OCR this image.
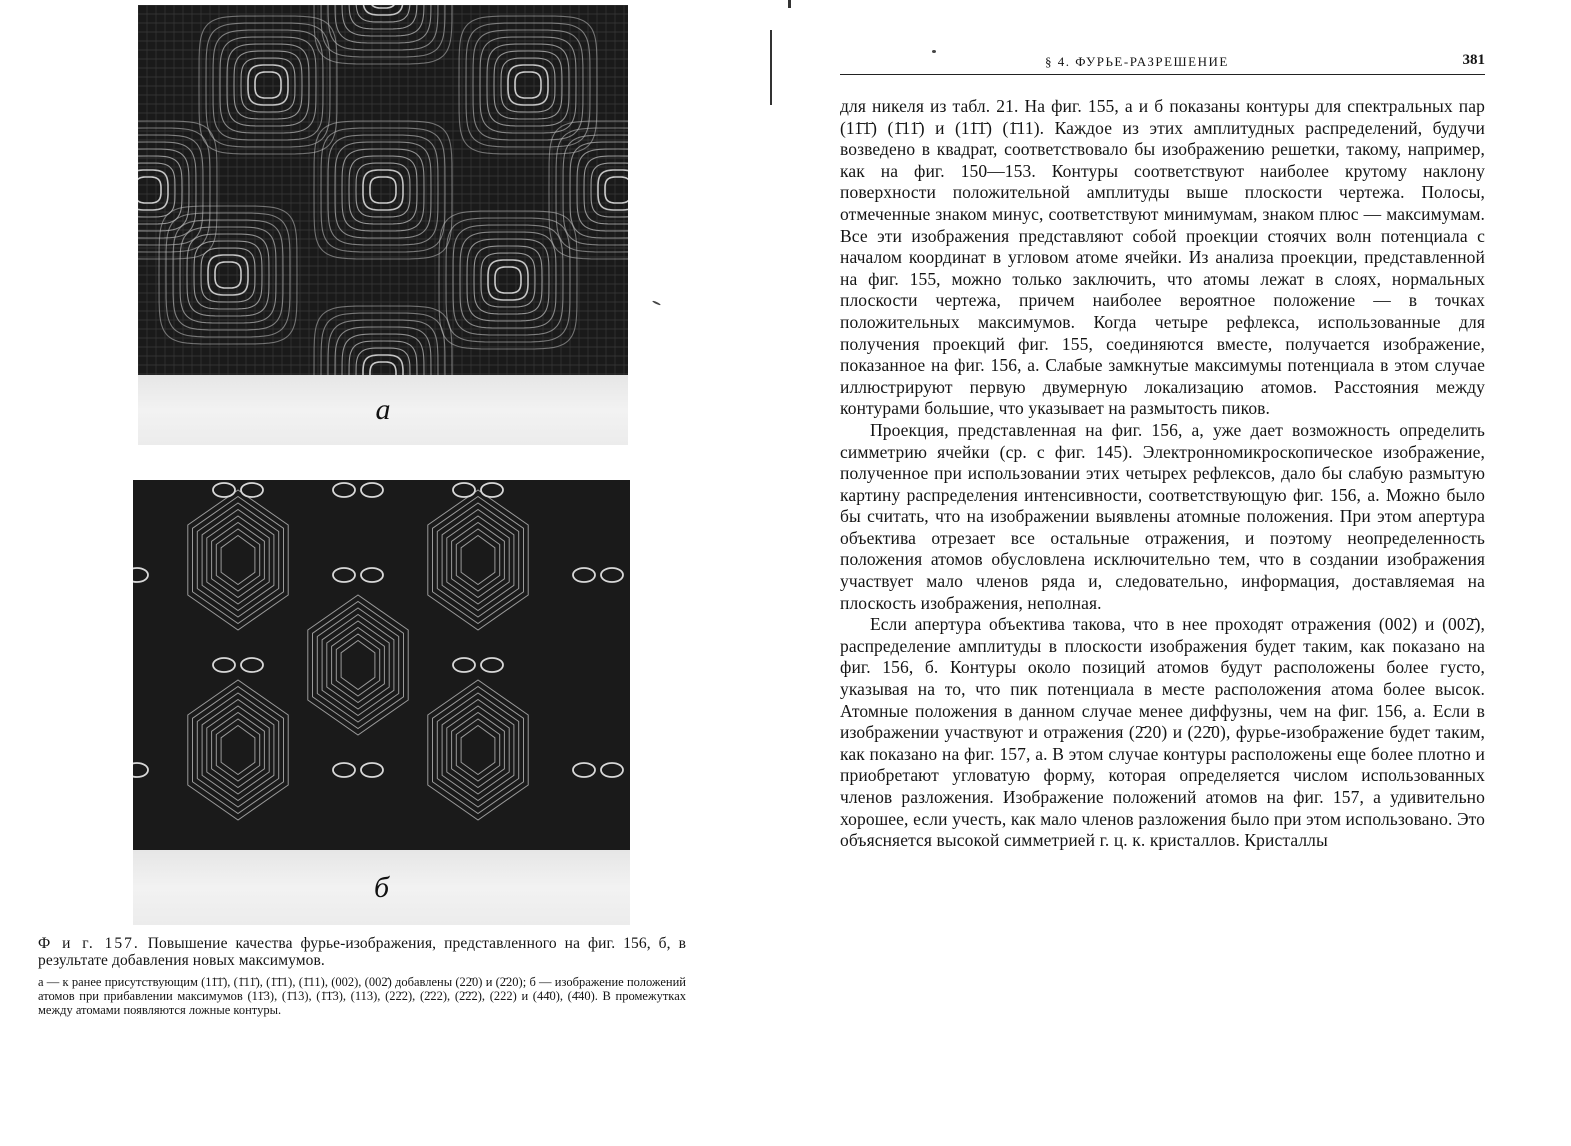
а
б

Ф и г. 157. Повышение качества фурье-изображения, представленного на фиг. 156, б, в результате добавления новых максимумов.

а — к ранее присутствующим (11̄1̄), (1̄11̄), (1̄1̄1), (1̄11), (002), (002̄) добавлены (22̄0) и (2̄20); б — изображение положений атомов при прибавлении максимумов (11̄3), (1̄13), (1̄1̄3), (113), (22̄2), (2̄22), (2̄2̄2), (222) и (44̄0), (4̄40). В промежутках между атомами появляются ложные контуры.
§ 4. ФУРЬЕ-РАЗРЕШЕНИЕ	381

для никеля из табл. 21. На фиг. 155, а и б показаны контуры для спектральных пар (11̄1̄) (1̄11̄) и (11̄1̄) (1̄11). Каждое из этих амплитудных распределений, будучи возведено в квадрат, соответствовало бы изображению решетки, такому, например, как на фиг. 150—153. Контуры соответствуют наиболее крутому наклону поверхности положительной амплитуды выше плоскости чертежа. Полосы, отмеченные знаком минус, соответствуют минимумам, знаком плюс — максимумам. Все эти изображения представляют собой проекции стоячих волн потенциала с началом координат в угловом атоме ячейки. Из анализа проекции, представленной на фиг. 155, можно только заключить, что атомы лежат в слоях, нормальных плоскости чертежа, причем наиболее вероятное положение — в точках положительных максимумов. Когда четыре рефлекса, использованные для получения проекций фиг. 155, соединяются вместе, получается изображение, показанное на фиг. 156, а. Слабые замкнутые максимумы потенциала в этом случае иллюстрируют первую двумерную локализацию атомов. Расстояния между контурами большие, что указывает на размытость пиков.

Проекция, представленная на фиг. 156, а, уже дает возможность определить симметрию ячейки (ср. с фиг. 145). Электронномикроскопическое изображение, полученное при использовании этих четырех рефлексов, дало бы слабую размытую картину распределения интенсивности, соответствующую фиг. 156, а. Можно было бы считать, что на изображении выявлены атомные положения. При этом апертура объектива отрезает все остальные отражения, и поэтому неопределенность положения атомов обусловлена исключительно тем, что в создании изображения участвует мало членов ряда и, следовательно, информация, доставляемая на плоскость изображения, неполная.

Если апертура объектива такова, что в нее проходят отражения (002) и (002̄), распределение амплитуды в плоскости изображения будет таким, как показано на фиг. 156, б. Контуры около позиций атомов будут расположены более густо, указывая на то, что пик потенциала в месте расположения атома более высок. Атомные положения в данном случае менее диффузны, чем на фиг. 156, а. Если в изображении участвуют и отражения (2̄20) и (22̄0), фурье-изображение будет таким, как показано на фиг. 157, а. В этом случае контуры расположены еще более плотно и приобретают угловатую форму, которая определяется числом использованных членов разложения. Изображение положений атомов на фиг. 157, а удивительно хорошее, если учесть, как мало членов разложения было при этом использовано. Это объясняется высокой симметрией г. ц. к. кристаллов. Кристаллы
